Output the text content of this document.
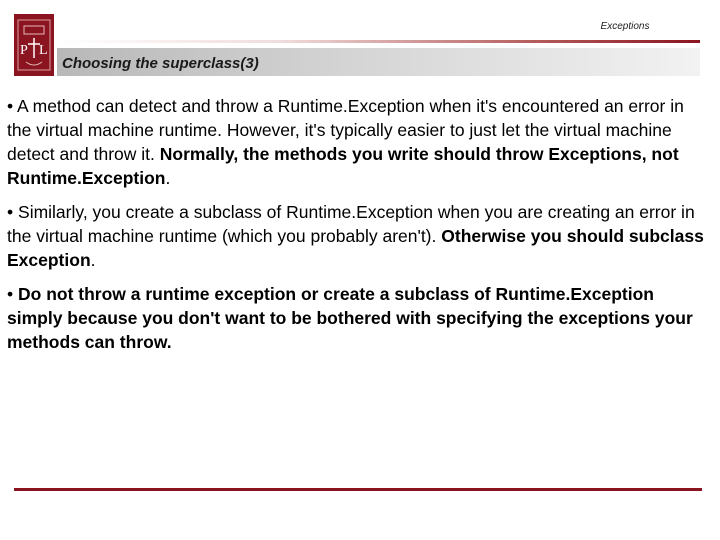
P L
Exceptions
Choosing the superclass(3)

• A method can detect and throw a Runtime.Exception when it's encountered an error in the virtual machine runtime. However, it's typically easier to just let the virtual machine detect and throw it. Normally, the methods you write should throw Exceptions, not Runtime.Exception.

• Similarly, you create a subclass of Runtime.Exception when you are creating an error in the virtual machine runtime (which you probably aren't). Otherwise you should subclass Exception.

• Do not throw a runtime exception or create a subclass of Runtime.Exception simply because you don't want to be bothered with specifying the exceptions your methods can throw.
